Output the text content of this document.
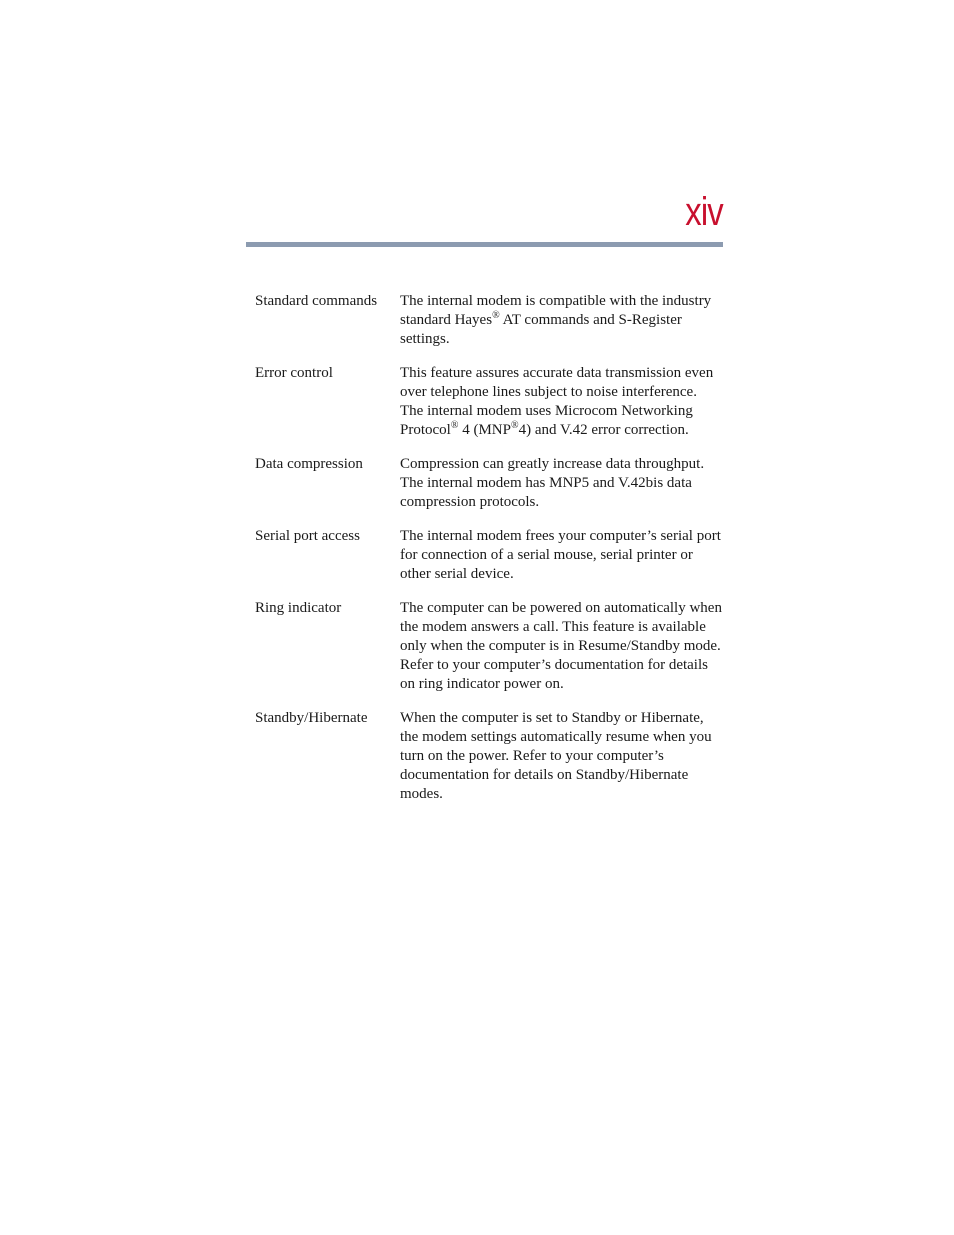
xiv
Standard commands	The internal modem is compatible with the industry standard Hayes® AT commands and S-Register settings.
Error control	This feature assures accurate data transmission even over telephone lines subject to noise interference. The internal modem uses Microcom Networking Protocol® 4 (MNP®4) and V.42 error correction.
Data compression	Compression can greatly increase data throughput. The internal modem has MNP5 and V.42bis data compression protocols.
Serial port access	The internal modem frees your computer’s serial port for connection of a serial mouse, serial printer or other serial device.
Ring indicator	The computer can be powered on automatically when the modem answers a call. This feature is available only when the computer is in Resume/Standby mode. Refer to your computer’s documentation for details on ring indicator power on.
Standby/Hibernate	When the computer is set to Standby or Hibernate, the modem settings automatically resume when you turn on the power. Refer to your computer’s documentation for details on Standby/Hibernate modes.
